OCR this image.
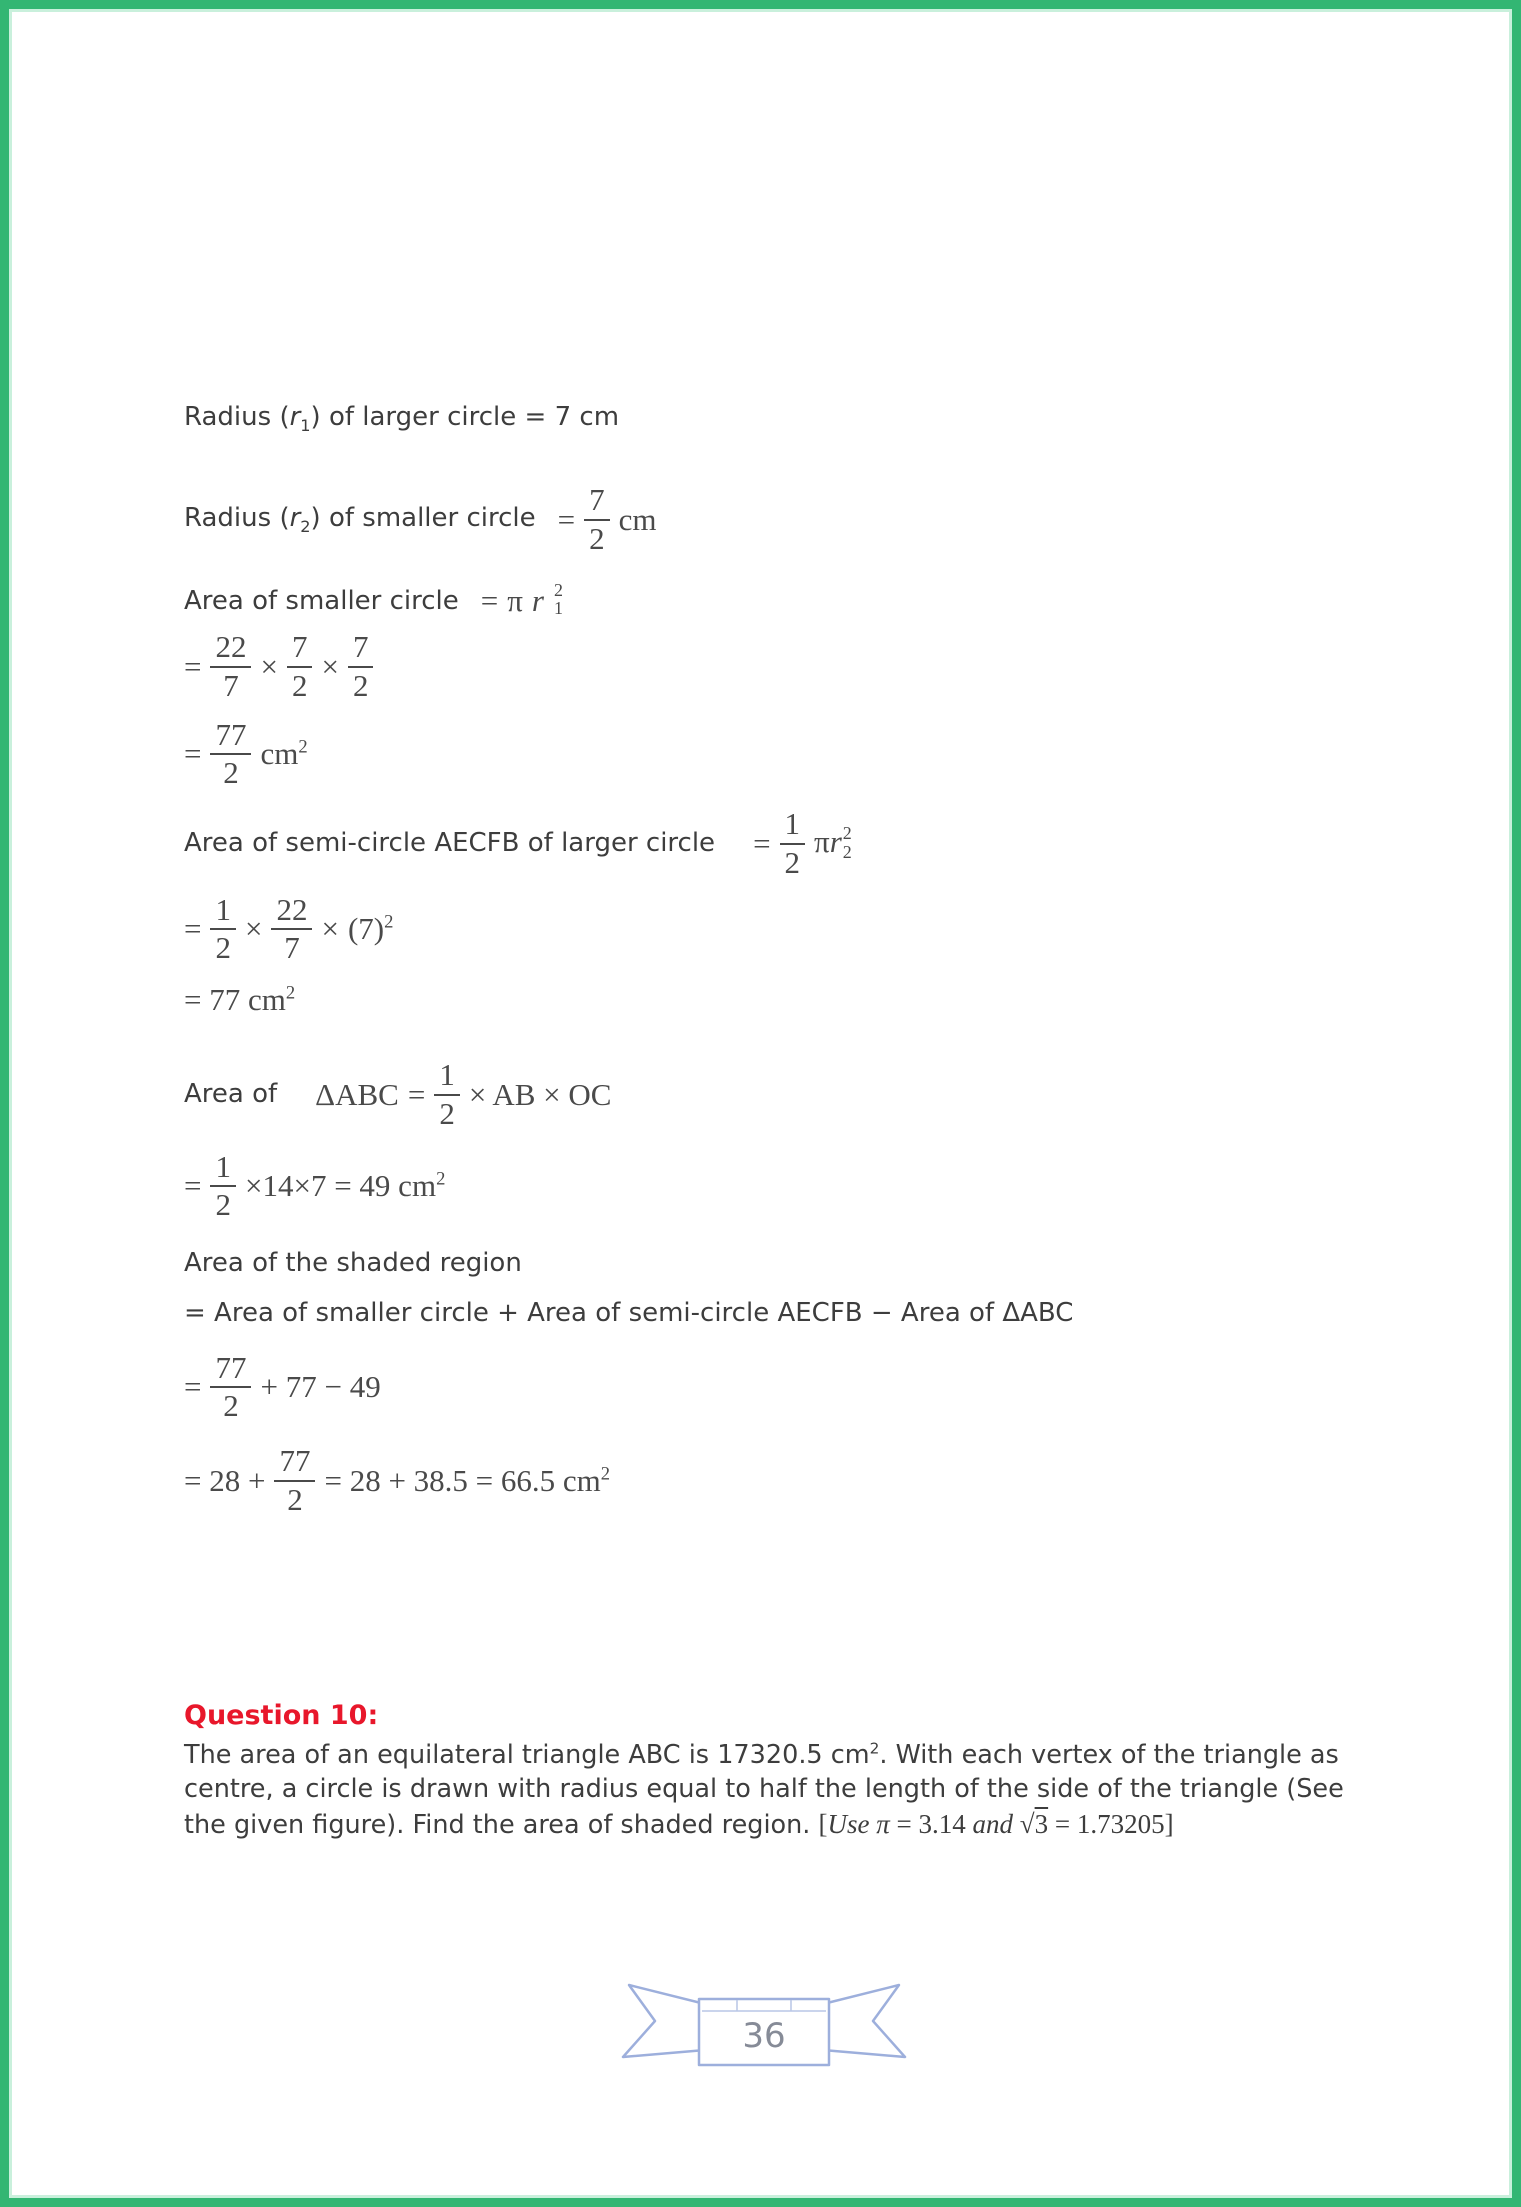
Radius $(r_1)$ of larger circle = 7 cm

Radius $(r_2)$ of smaller circle = $\frac{7}{2}$ cm

Area of smaller circle = π r 2
1
= $\frac{22}{7} \times \frac{7}{2} \times \frac{7}{2}$
= $\frac{77}{2} cm^2$

Area of semi-circle AECFB of larger circle = $\frac{1}{2}$ πr 2
2
= $\frac{1}{2} \times \frac{22}{7} \times (7)^2$
= 77 $cm^2$

Area of $\Delta ABC = \frac{1}{2}$ × AB × OC
= $\frac{1}{2} \times 14\times 7 = 49$ $cm^2$

Area of the shaded region

= Area of smaller circle + Area of semi-circle AECFB − Area of ΔABC

= $\frac{77}{2} + 77 - 49$
= $28 + \frac{77}{2} = 28 + 38.5 = 66.5$ $cm^2$

Question 10:

The area of an equilateral triangle ABC is 17320.5 $cm^2$. With each vertex of the triangle as centre, a circle is drawn with radius equal to half the length of the side of the triangle (See the given figure). Find the area of shaded region. [Use π = 3.14 and √3 = 1.73205]

36
